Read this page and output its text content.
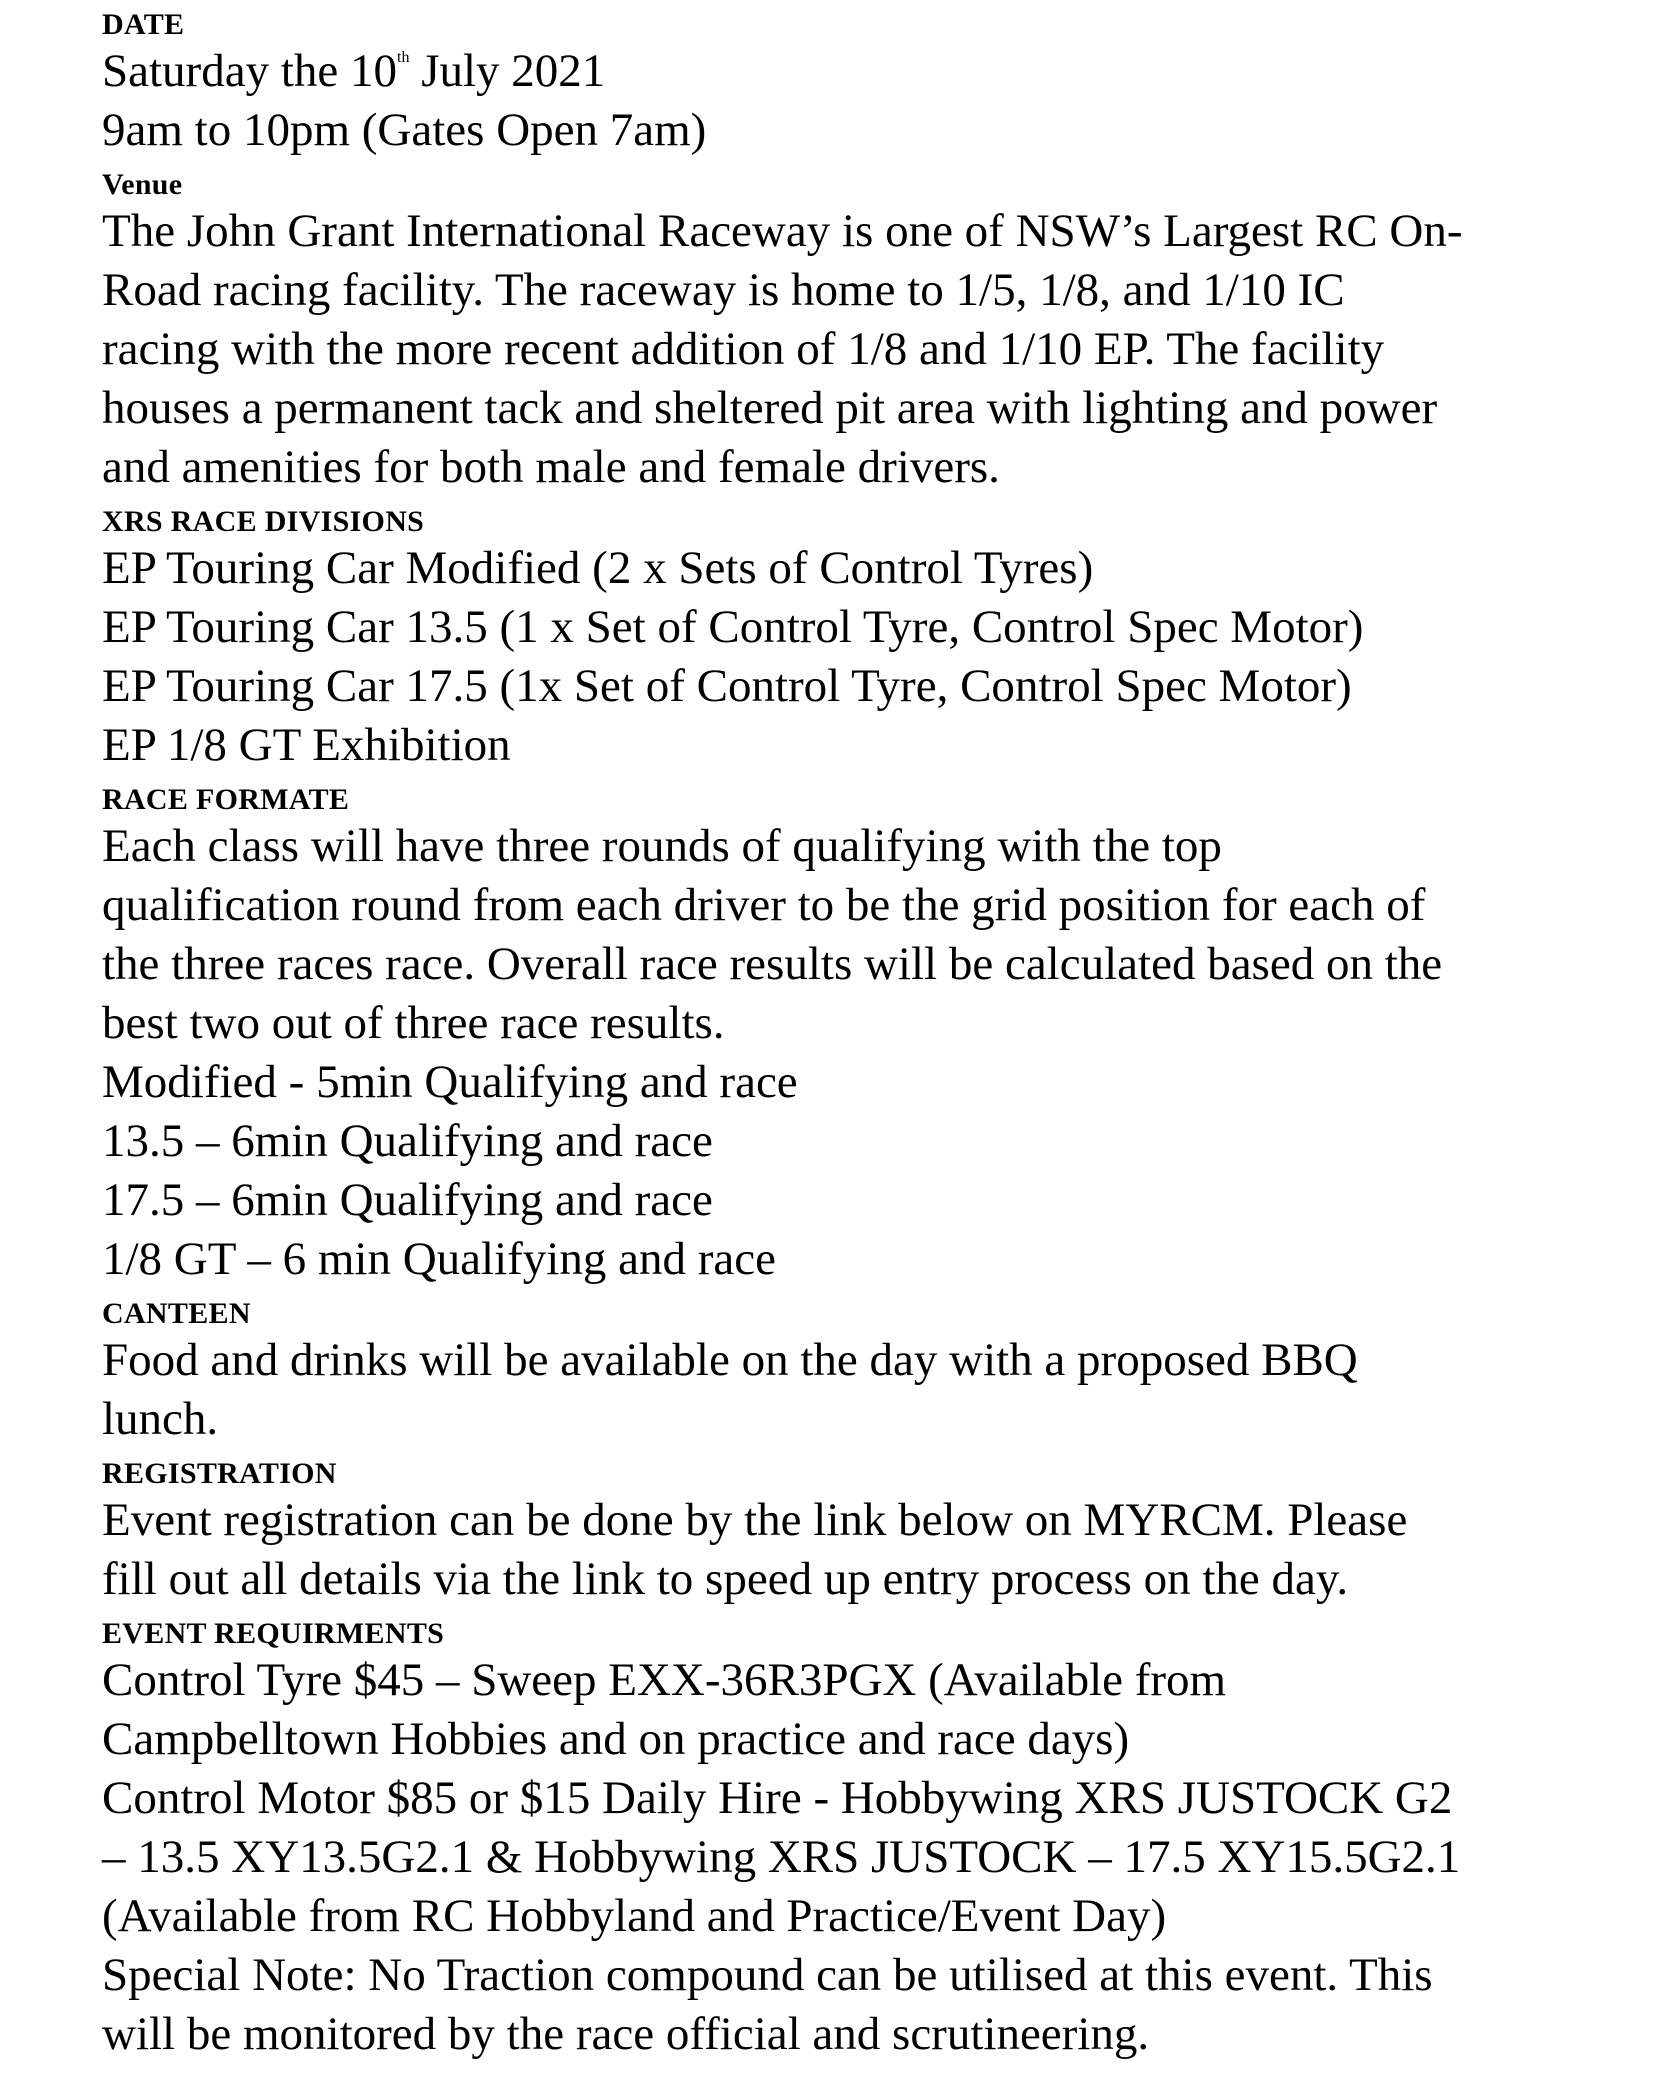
DATE

Saturday the 10th July 2021

9am to 10pm (Gates Open 7am)

Venue

The John Grant International Raceway is one of NSW’s Largest RC On-

Road racing facility. The raceway is home to 1/5, 1/8, and 1/10 IC

racing with the more recent addition of 1/8 and 1/10 EP. The facility

houses a permanent tack and sheltered pit area with lighting and power

and amenities for both male and female drivers.

XRS RACE DIVISIONS

EP Touring Car Modified (2 x Sets of Control Tyres)

EP Touring Car 13.5 (1 x Set of Control Tyre, Control Spec Motor)

EP Touring Car 17.5 (1x Set of Control Tyre, Control Spec Motor)

EP 1/8 GT Exhibition

RACE FORMATE

Each class will have three rounds of qualifying with the top

qualification round from each driver to be the grid position for each of

the three races race. Overall race results will be calculated based on the

best two out of three race results.

Modified - 5min Qualifying and race

13.5 – 6min Qualifying and race

17.5 – 6min Qualifying and race

1/8 GT – 6 min Qualifying and race

CANTEEN

Food and drinks will be available on the day with a proposed BBQ

lunch.

REGISTRATION

Event registration can be done by the link below on MYRCM. Please

fill out all details via the link to speed up entry process on the day.

EVENT REQUIRMENTS

Control Tyre $45 – Sweep EXX-36R3PGX (Available from

Campbelltown Hobbies and on practice and race days)

Control Motor $85 or $15 Daily Hire - Hobbywing XRS JUSTOCK G2

– 13.5 XY13.5G2.1 & Hobbywing XRS JUSTOCK – 17.5 XY15.5G2.1

(Available from RC Hobbyland and Practice/Event Day)

Special Note: No Traction compound can be utilised at this event. This

will be monitored by the race official and scrutineering.
